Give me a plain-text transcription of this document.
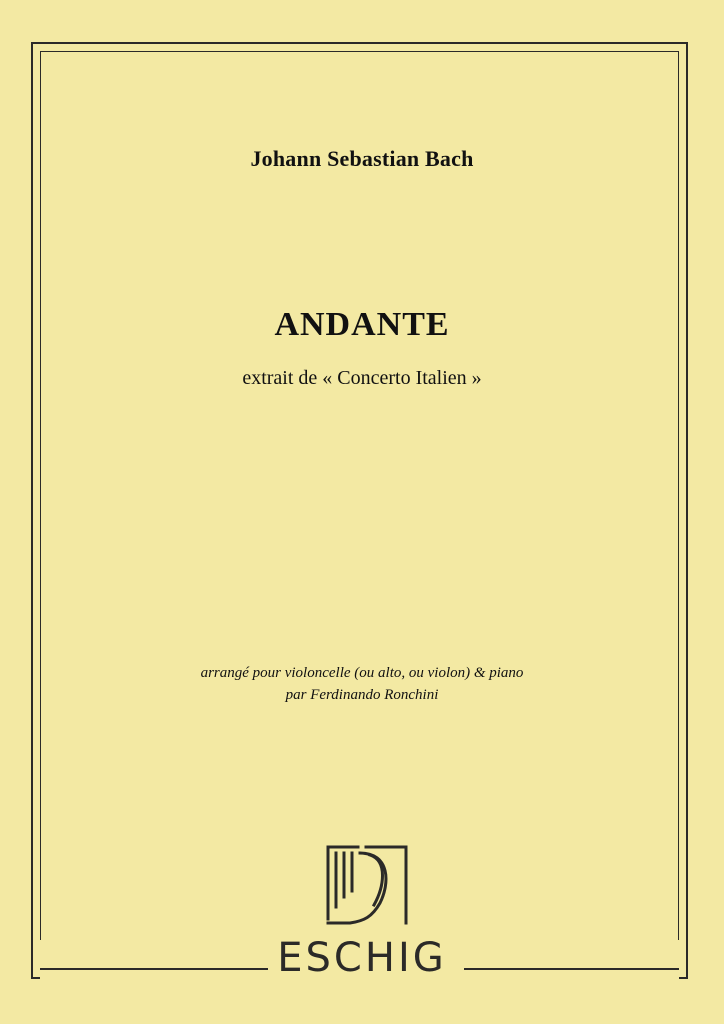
Johann Sebastian Bach
ANDANTE
extrait de « Concerto Italien »
arrangé pour violoncelle (ou alto, ou violon) & piano
par Ferdinando Ronchini
ESCHIG
